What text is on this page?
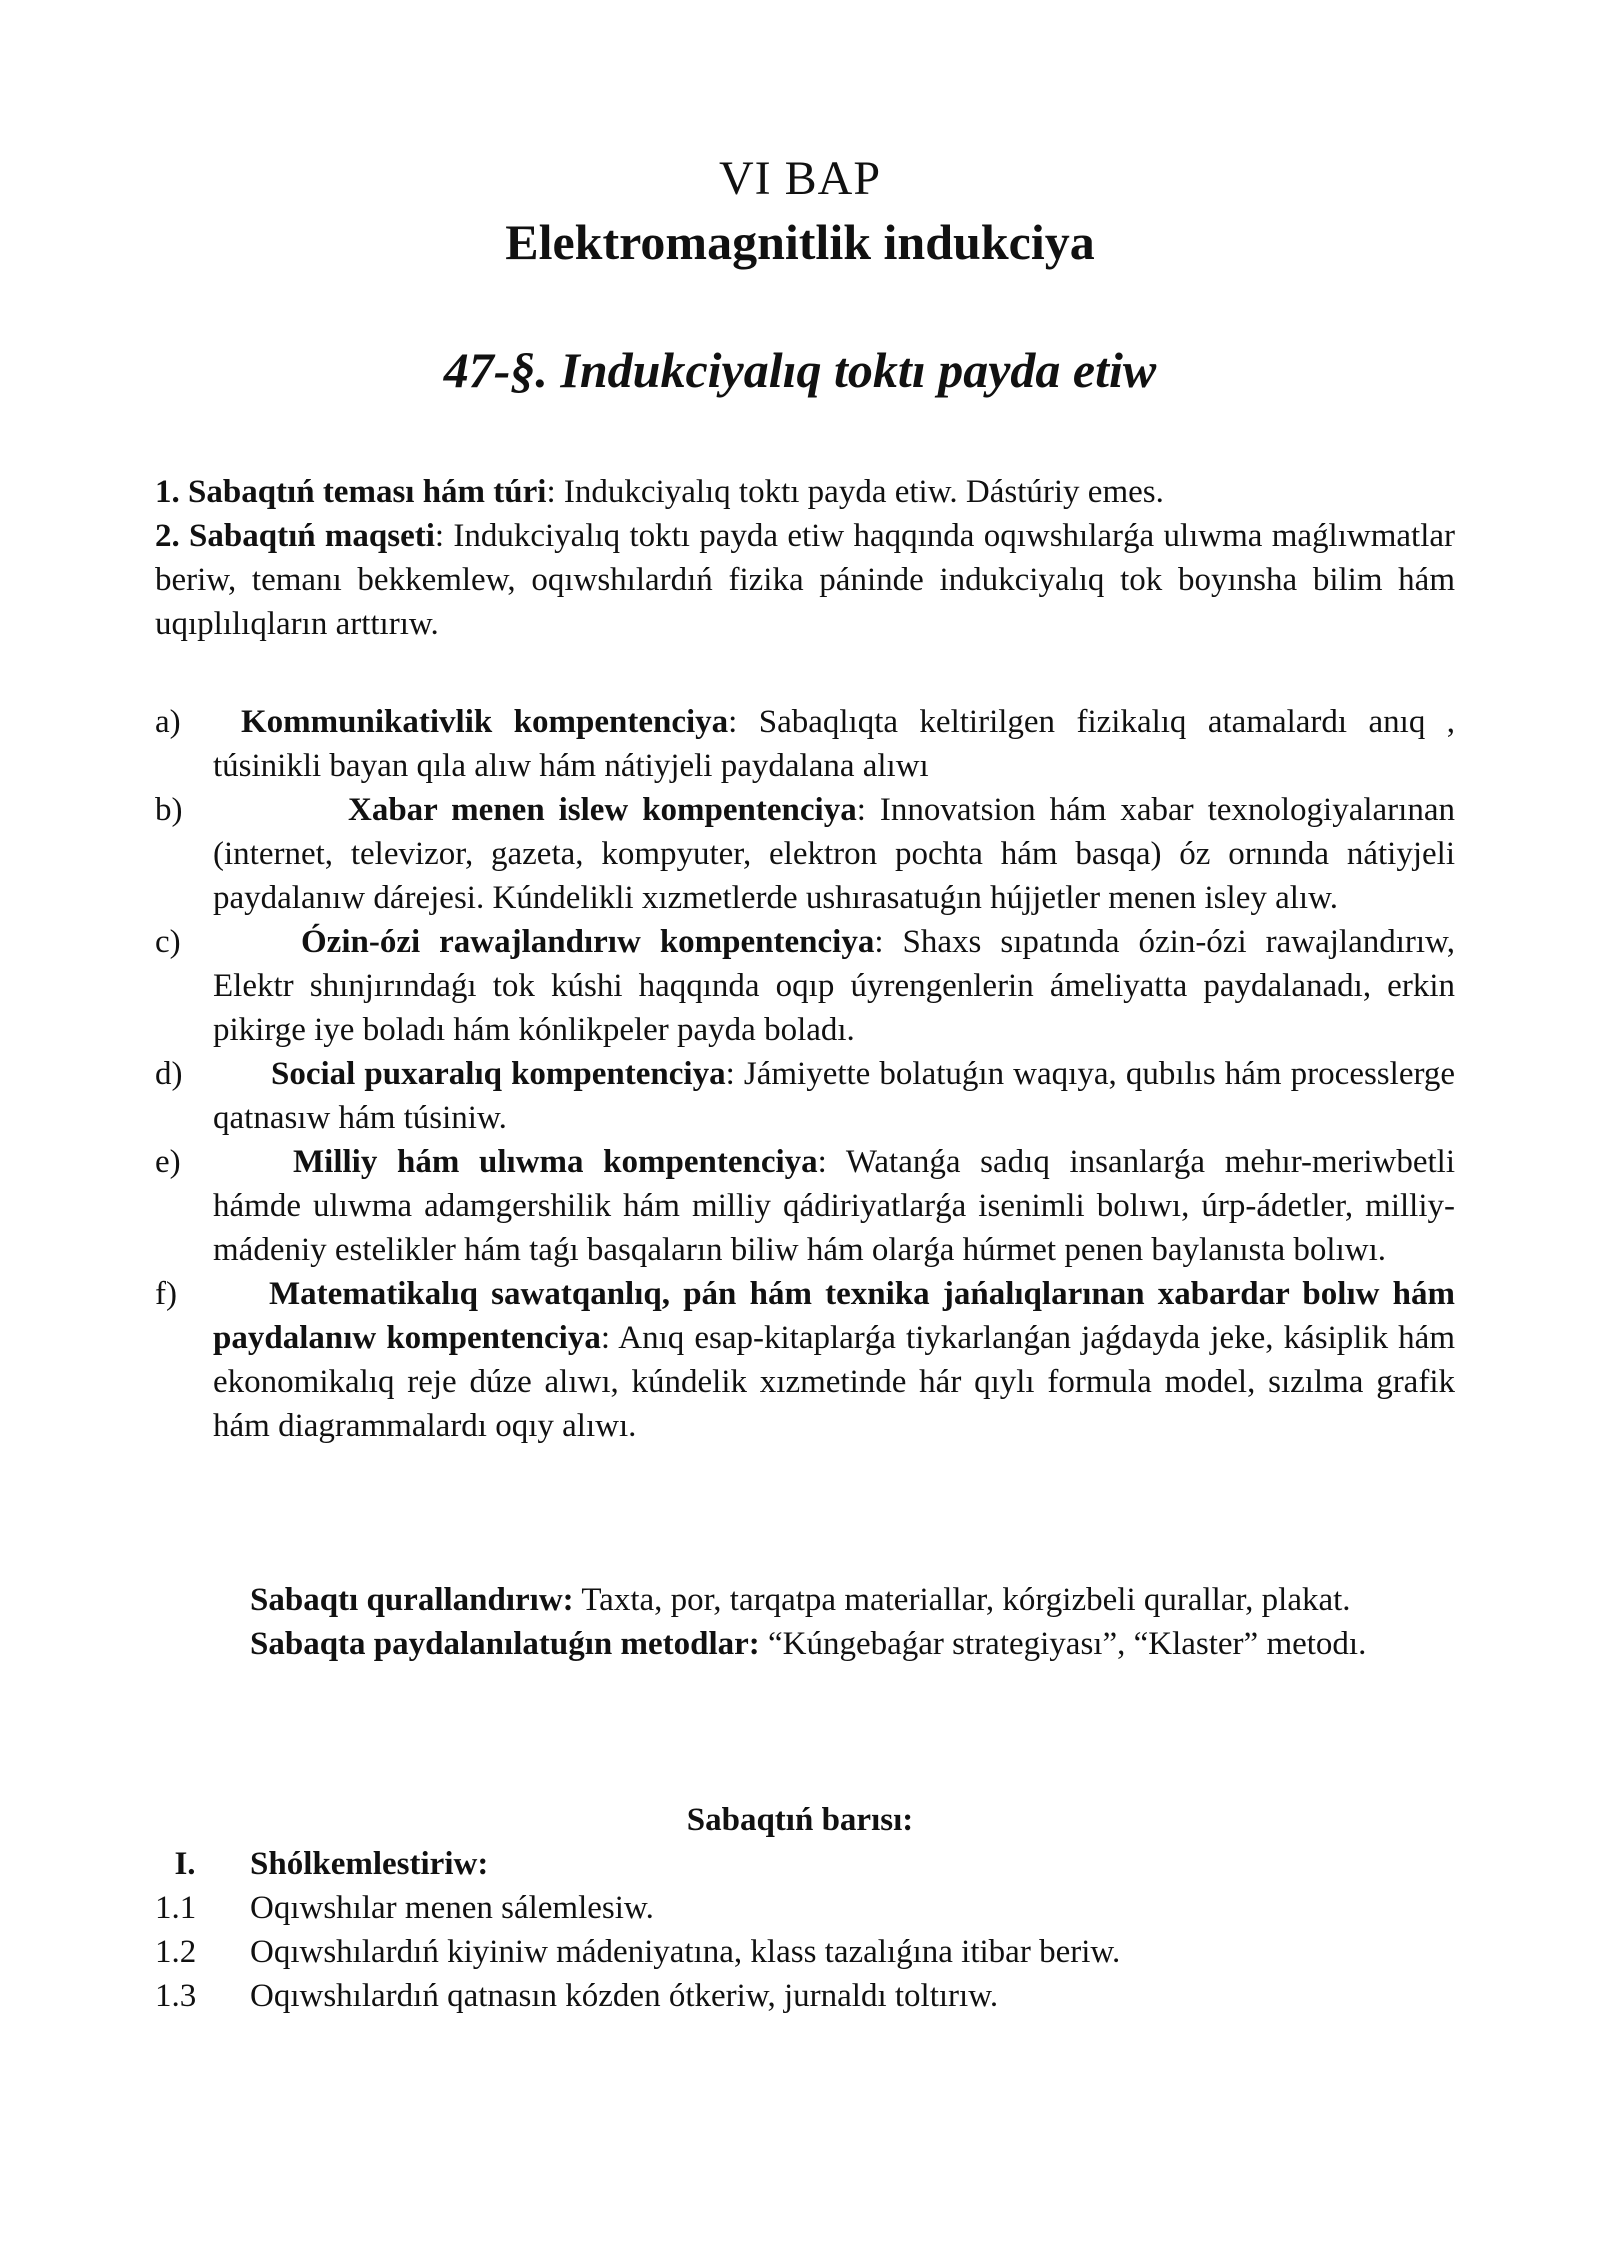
VI BAP
Elektromagnitlik indukciya
47-§. Indukciyalıq toktı payda etiw

1. Sabaqtıń teması hám túri: Indukciyalıq toktı payda etiw. Dástúriy emes.

2. Sabaqtıń maqseti: Indukciyalıq toktı payda etiw haqqında oqıwshılarǵa ulıwma maǵlıwmatlar beriw, temanı bekkemlew, oqıwshılardıń fizika páninde indukciyalıq tok boyınsha bilim hám uqıplılıqların arttırıw.

a)	Kommunikativlik kompentenciya: Sabaqlıqta keltirilgen fizikalıq atamalardı anıq , túsinikli bayan qıla alıw hám nátiyjeli paydalana alıwı
b)	Xabar menen islew kompentenciya: Innovatsion hám xabar texnologiyalarınan (internet, televizor, gazeta, kompyuter, elektron pochta hám basqa) óz ornında nátiyjeli paydalanıw dárejesi. Kúndelikli xızmetlerde ushırasatuǵın hújjetler menen isley alıw.
c)	Ózin-ózi rawajlandırıw kompentenciya: Shaxs sıpatında ózin-ózi rawajlandırıw, Elektr shınjırındaǵı tok kúshi haqqında oqıp úyrengenlerin ámeliyatta paydalanadı, erkin pikirge iye boladı hám kónlikpeler payda boladı.
d)	Social puxaralıq kompentenciya: Jámiyette bolatuǵın waqıya, qubılıs hám processlerge qatnasıw hám túsiniw.
e)	Milliy hám ulıwma kompentenciya: Watanǵa sadıq insanlarǵa mehır-meriwbetli hámde ulıwma adamgershilik hám milliy qádiriyatlarǵa isenimli bolıwı, úrp-ádetler, milliy-mádeniy estelikler hám taǵı basqaların biliw hám olarǵa húrmet penen baylanısta bolıwı.
f)	Matematikalıq sawatqanlıq, pán hám texnika jańalıqlarınan xabardar bolıw hám paydalanıw kompentenciya: Anıq esap-kitaplarǵa tiykarlanǵan jaǵdayda jeke, kásiplik hám ekonomikalıq reje dúze alıwı, kúndelik xızmetinde hár qıylı formula model, sızılma grafik hám diagrammalardı oqıy alıwı.

Sabaqtı qurallandırıw: Taxta, por, tarqatpa materiallar, kórgizbeli qurallar, plakat.

Sabaqta paydalanılatuǵın metodlar: “Kúngebaǵar strategiyası”, “Klaster” metodı.

Sabaqtıń barısı:
I.	Shólkemlestiriw:
1.1	Oqıwshılar menen sálemlesiw.
1.2	Oqıwshılardıń kiyiniw mádeniyatına, klass tazalıǵına itibar beriw.
1.3	Oqıwshılardıń qatnasın kózden ótkeriw, jurnaldı toltırıw.
